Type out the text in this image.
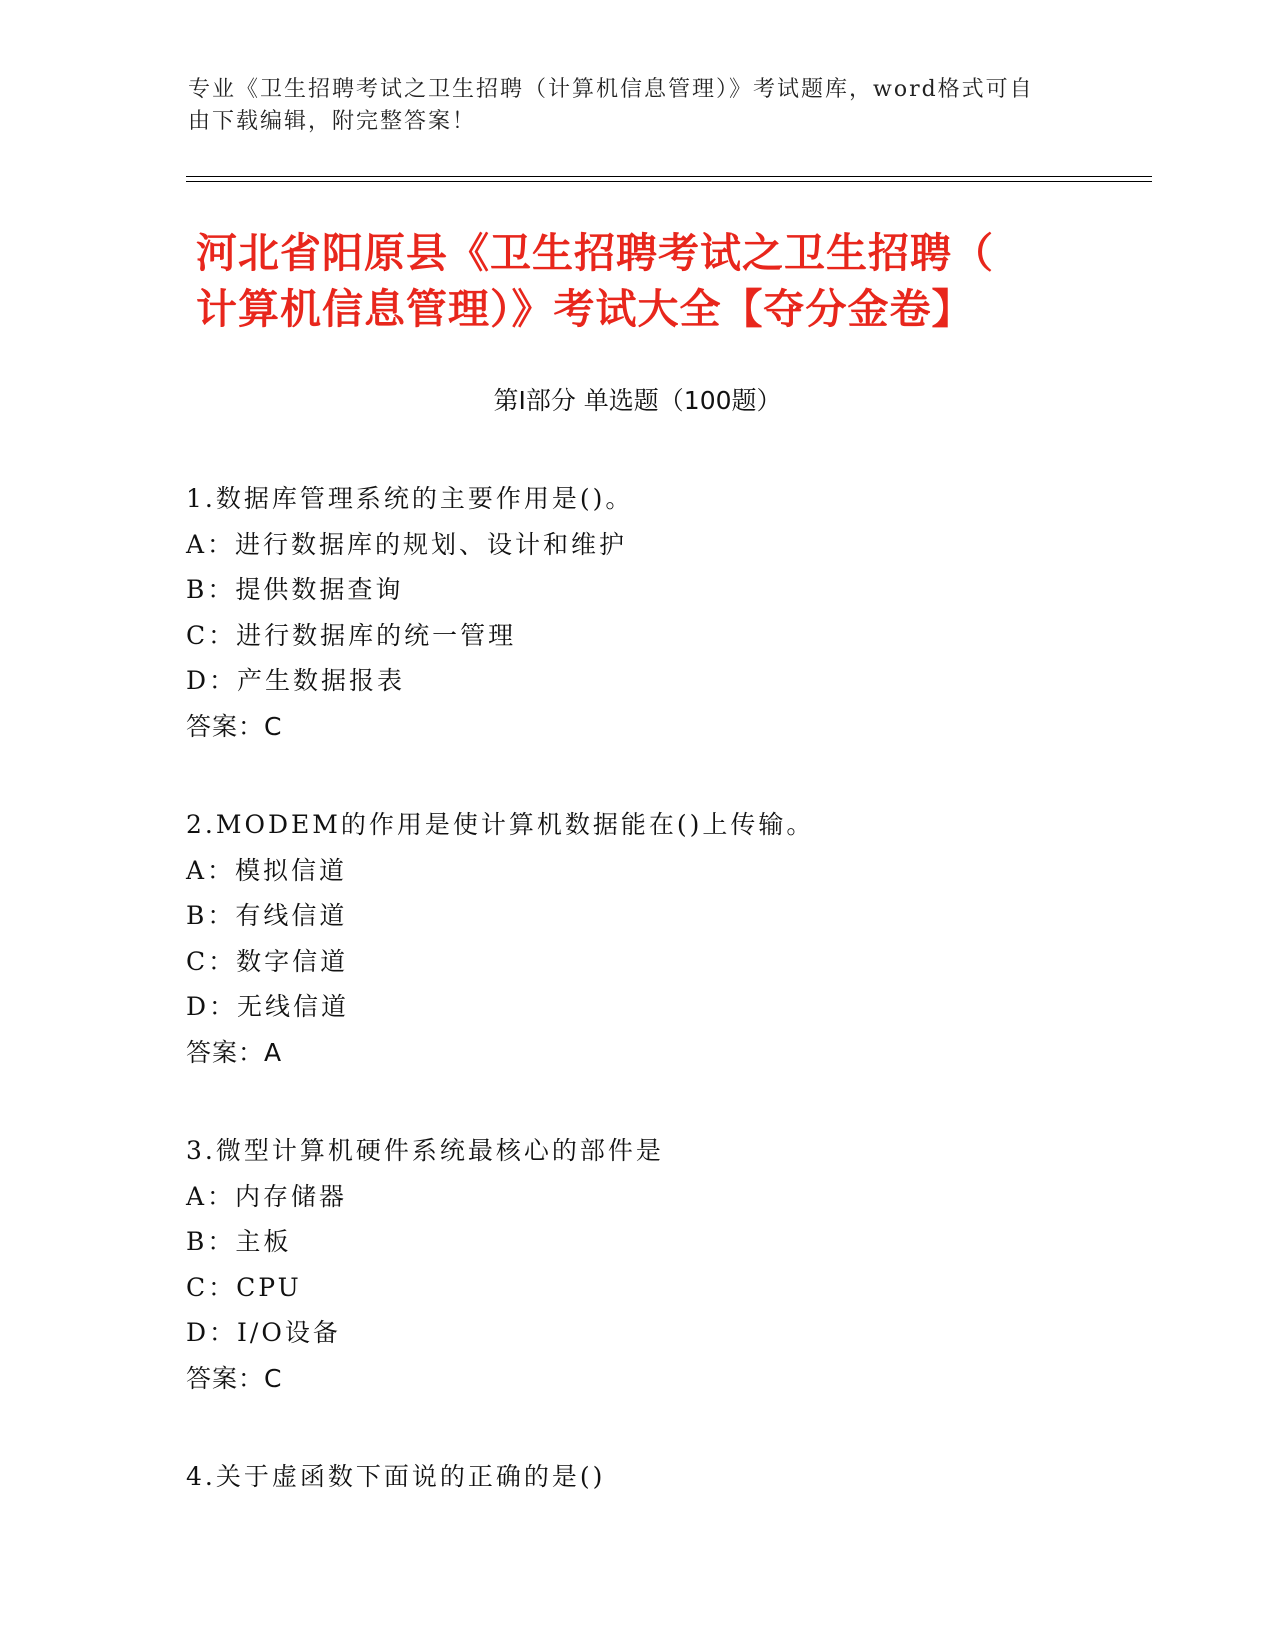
专业《卫生招聘考试之卫生招聘（计算机信息管理）》考试题库，word格式可自
由下载编辑，附完整答案！
河北省阳原县《卫生招聘考试之卫生招聘（
计算机信息管理）》考试大全【夺分金卷】
第Ⅰ部分 单选题（100题）
1.数据库管理系统的主要作用是()。
A：进行数据库的规划、设计和维护
B：提供数据查询
C：进行数据库的统一管理
D：产生数据报表
答案：C
2.MODEM的作用是使计算机数据能在()上传输。
A：模拟信道
B：有线信道
C：数字信道
D：无线信道
答案：A
3.微型计算机硬件系统最核心的部件是
A：内存储器
B：主板
C：CPU
D：I/O设备
答案：C
4.关于虚函数下面说的正确的是()
